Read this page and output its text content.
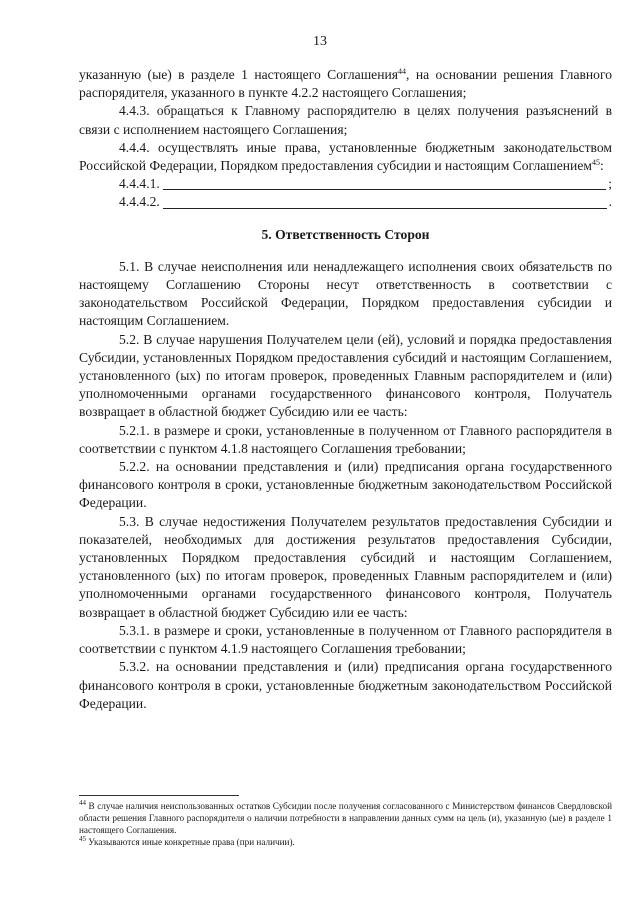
13

указанную (ые) в разделе 1 настоящего Соглашения$^{44}$, на основании решения Главного распорядителя, указанного в пункте 4.2.2 настоящего Соглашения;

4.4.3. обращаться к Главному распорядителю в целях получения разъяснений в связи с исполнением настоящего Соглашения;

4.4.4. осуществлять иные права, установленные бюджетным законодательством Российской Федерации, Порядком предоставления субсидии и настоящим Соглашением$^{45}$:

4.4.4.1.	;

4.4.4.2.	.

5. Ответственность Сторон

5.1. В случае неисполнения или ненадлежащего исполнения своих обязательств по настоящему Соглашению Стороны несут ответственность в соответствии с законодательством Российской Федерации, Порядком предоставления субсидии и настоящим Соглашением.

5.2. В случае нарушения Получателем цели (ей), условий и порядка предоставления Субсидии, установленных Порядком предоставления субсидий и настоящим Соглашением, установленного (ых) по итогам проверок, проведенных Главным распорядителем и (или) уполномоченными органами государственного финансового контроля, Получатель возвращает в областной бюджет Субсидию или ее часть:

5.2.1. в размере и сроки, установленные в полученном от Главного распорядителя в соответствии с пунктом 4.1.8 настоящего Соглашения требовании;

5.2.2. на основании представления и (или) предписания органа государственного финансового контроля в сроки, установленные бюджетным законодательством Российской Федерации.

5.3. В случае недостижения Получателем результатов предоставления Субсидии и показателей, необходимых для достижения результатов предоставления Субсидии, установленных Порядком предоставления субсидий и настоящим Соглашением, установленного (ых) по итогам проверок, проведенных Главным распорядителем и (или) уполномоченными органами государственного финансового контроля, Получатель возвращает в областной бюджет Субсидию или ее часть:

5.3.1. в размере и сроки, установленные в полученном от Главного распорядителя в соответствии с пунктом 4.1.9 настоящего Соглашения требовании;

5.3.2. на основании представления и (или) предписания органа государственного финансового контроля в сроки, установленные бюджетным законодательством Российской Федерации.

$^{44}$ В случае наличия неиспользованных остатков Субсидии после получения согласованного с Министерством финансов Свердловской области решения Главного распорядителя о наличии потребности в направлении данных сумм на цель (и), указанную (ые) в разделе 1 настоящего Соглашения.

$^{45}$ Указываются иные конкретные права (при наличии).
